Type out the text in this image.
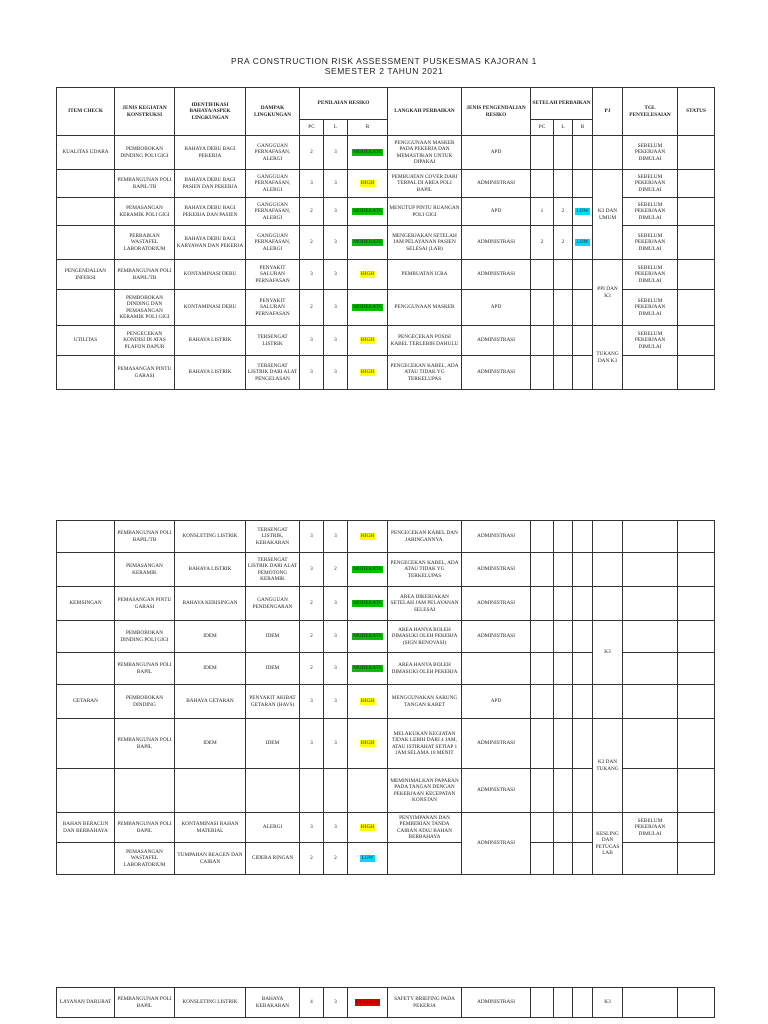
PRA CONSTRUCTION RISK ASSESSMENT PUSKESMAS KAJORAN 1
SEMESTER 2 TAHUN 2021
ITEM CHECK	JENIS KEGIATAN KONSTRUKSI	IDENTIFIKASI BAHAYA/ASPEK LINGKUNGAN	DAMPAK LINGKUNGAN	PENILAIAN RESIKO			LANGKAH PERBAIKAN	JENIS PENGENDALIAN RESIKO	SETELAH PERBAIKAN			PJ	TGL PENYELESAIAN	STATUS
				PC	L	R			PC	L	R			
KUALITAS UDARA	PEMBOBOKAN DINDING POLI GIGI	BAHAYA DEBU BAGI PEKERJA	GANGGUAN PERNAFASAN, ALERGI	2	3	MODERATE	PENGGUNAAN MASKER PADA PEKERJA DAN MEMASTIKAN UNTUK DIPAKAI	APD					SEBELUM PEKERJAAN DIMULAI	
	PEMBANGUNAN POLI BAPIL/TB	BAHAYA DEBU BAGI PASIEN DAN PEKERJA	GANGGUAN PERNAFASAN, ALERGI	3	3	HIGH	PEMBUATAN COVER DARI TERPAL DI AREA POLI BAPIL	ADMINISTRASI				K3 DAN UMUM	SEBELUM PEKERJAAN DIMULAI	
	PEMASANGAN KERAMIK POLI GIGI	BAHAYA DEBU BAGI PEKERJA DAN PASIEN	GANGGUAN PERNAFASAN, ALERGI	2	3	MODERATE	MENUTUP PINTU RUANGAN POLI GIGI	APD	1	2	LOW		SEBELUM PEKERJAAN DIMULAI	
	PERBAIKAN WASTAFEL LABORATORIUM	BAHAYA DEBU BAGI KARYAWAN DAN PEKERJA	GANGGUAN PERNAFASAN, ALERGI	2	3	MODERATE	MENGERJAKAN SETELAH JAM PELAYANAN PASIEN SELESAI (LAB)	ADMINISTRASI	2	2	LOW		SEBELUM PEKERJAAN DIMULAI	
PENGENDALIAN INFEKSI	PEMBANGUNAN POLI BAPIL/TB	KONTAMINASI DEBU	PENYAKIT SALURAN PERNAFASAN	3	3	HIGH	PEMBUATAN ICRA	ADMINISTRASI				PPI DAN K3	SEBELUM PEKERJAAN DIMULAI	
	PEMBOBOKAN DINDING DAN PEMASANGAN KERAMIK POLI GIGI	KONTAMINASI DEBU	PENYAKIT SALURAN PERNAFASAN	2	3	MODERATE	PENGGUNAAN MASKER	APD					SEBELUM PEKERJAAN DIMULAI	
UTILITAS	PENGECEKAN KONDISI DI ATAS PLAFON DAPUR	BAHAYA LISTRIK	TERSENGAT LISTRIK	3	3	HIGH	PENGECEKAN POSISI KABEL TERLEBIH DAHULU	ADMINISTRASI				TUKANG DAN K3	SEBELUM PEKERJAAN DIMULAI	
	PEMASANGAN PINTU GARASI	BAHAYA LISTRIK	TERSENGAT LISTRIK DARI ALAT PENGELASAN	3	3	HIGH	PENGECEKAN KABEL, ADA ATAU TIDAK YG TERKELUPAS	ADMINISTRASI						
	PEMBANGUNAN POLI BAPIL/TB	KONSLETING LISTRIK	TERSENGAT LISTRIK, KEBAKARAN	3	3	HIGH	PENGECEKAN KABEL DAN JARINGANNYA.	ADMINISTRASI						
	PEMASANGAN KERAMIK	BAHAYA LISTRIK	TERSENGAT LISTRIK DARI ALAT PEMOTONG KERAMIK	3	2	MODERATE	PENGECEKAN KABEL, ADA ATAU TIDAK YG TERKELUPAS	ADMINISTRASI						
KEBISINGAN	PEMASANGAN PINTU GARASI	BAHAYA KEBISINGAN	GANGGUAN PENDENGARAN	2	3	MODERATE	AREA DIKERJAKAN SETELAH JAM PELAYANAN SELESAI	ADMINISTRASI						
	PEMBOBOKAN DINDING POLI GIGI	IDEM	IDEM	2	3	MODERATE	AREA HANYA BOLEH DIMASUKI OLEH PEKERJA (SIGN RENOVASI)	ADMINISTRASI				K3		
	PEMBANGUNAN POLI BAPIL	IDEM	IDEM	2	3	MODERATE	AREA HANYA BOLEH DIMASUKI OLEH PEKERJA							
GETARAN	PEMBOBOKAN DINDING	BAHAYA GETARAN	PENYAKIT AKIBAT GETARAN (HAVS)	3	3	HIGH	MENGGUNAKAN SARUNG TANGAN KARET	APD						
	PEMBANGUNAN POLI BAPIL	IDEM	IDEM	3	3	HIGH	MELAKUKAN KEGIATAN TIDAK LEBIH DARI 4 JAM, ATAU ISTIRAHAT SETIAP 1 JAM SELAMA 10 MENIT	ADMINISTRASI				K3 DAN TUKANG		
							MEMINIMALKAN PAPARAN PADA TANGAN DENGAN PEKERJAAN KECEPATAN KONSTAN	ADMINISTRASI						
BAHAN BERACUN DAN BERBAHAYA	PEMBANGUNAN POLI BAPIL	KONTAMINASI BAHAN MATERIAL	ALERGI	3	3	HIGH	PENYIMPANAN DAN PEMBERIAN TANDA CAIRAN ATAU BAHAN BERBAHAYA	ADMINISTRASI				KESLING DAN PETUGAS LAB	SEBELUM PEKERJAAN DIMULAI	
	PEMASANGAN WASTAFEL LABORATORIUM	TUMPAHAN REAGEN DAN CAIRAN	CIDERA RINGAN	2	2	LOW								
LAYANAN DARURAT	PEMBANGUNAN POLI BAPIL	KONSLETING LISTRIK	BAHAYA KEBAKARAN	4	3	EKSTRIM	SAFETY BRIEFING PADA PEKERJA	ADMINISTRASI				K3		
